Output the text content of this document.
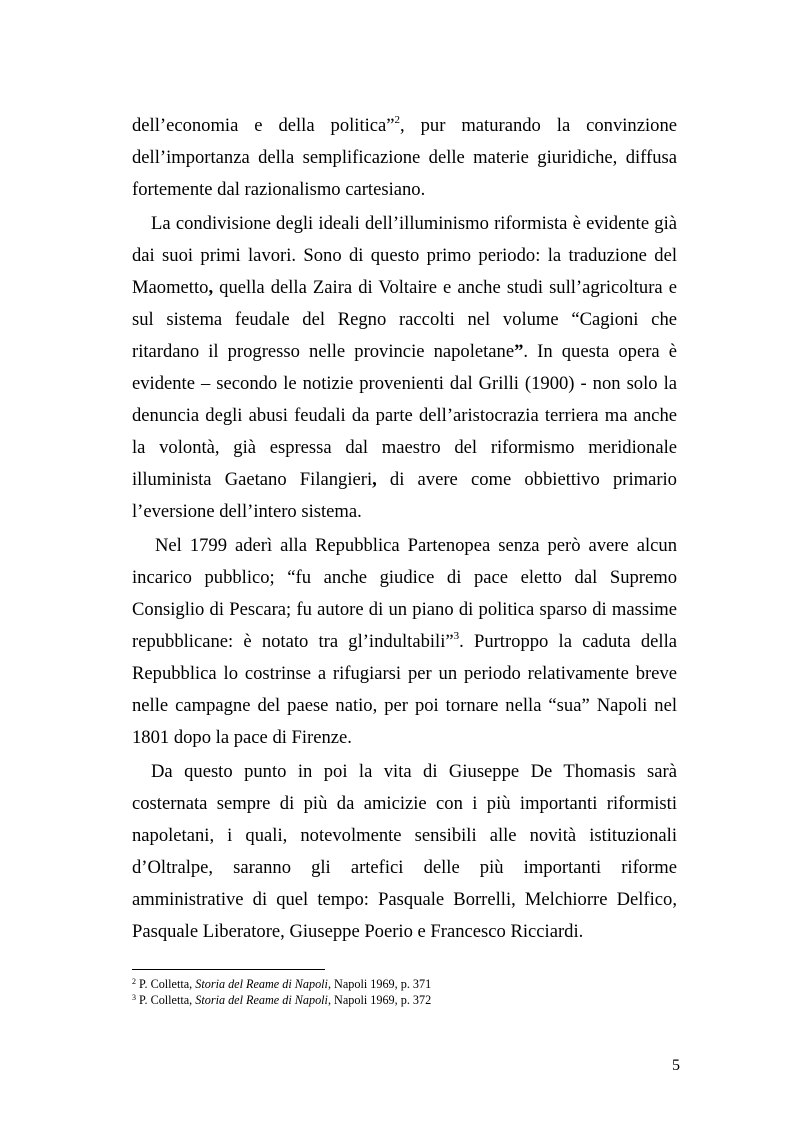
dell’economia e della politica”$^2$, pur maturando la convinzione
dell’importanza della semplificazione delle materie giuridiche, diffusa
fortemente dal razionalismo cartesiano.
La condivisione degli ideali dell’illuminismo riformista è evidente già
dai suoi primi lavori. Sono di questo primo periodo: la traduzione del
Maometto, quella della Zaira di Voltaire e anche studi sull’agricoltura e
sul sistema feudale del Regno raccolti nel volume “Cagioni che
ritardano il progresso nelle provincie napoletane”. In questa opera è
evidente – secondo le notizie provenienti dal Grilli (1900) - non solo la
denuncia degli abusi feudali da parte dell’aristocrazia terriera ma anche
la volontà, già espressa dal maestro del riformismo meridionale
illuminista Gaetano Filangieri, di avere come obbiettivo primario
l’eversione dell’intero sistema.
Nel 1799 aderì alla Repubblica Partenopea senza però avere alcun
incarico pubblico; “fu anche giudice di pace eletto dal Supremo
Consiglio di Pescara; fu autore di un piano di politica sparso di massime
repubblicane: è notato tra gl’indultabili”$^3$. Purtroppo la caduta della
Repubblica lo costrinse a rifugiarsi per un periodo relativamente breve
nelle campagne del paese natio, per poi tornare nella “sua” Napoli nel
1801 dopo la pace di Firenze.
Da questo punto in poi la vita di Giuseppe De Thomasis sarà
costernata sempre di più da amicizie con i più importanti riformisti
napoletani, i quali, notevolmente sensibili alle novità istituzionali
d’Oltralpe, saranno gli artefici delle più importanti riforme
amministrative di quel tempo: Pasquale Borrelli, Melchiorre Delfico,
Pasquale Liberatore, Giuseppe Poerio e Francesco Ricciardi.
$^2$ P. Colletta, Storia del Reame di Napoli, Napoli 1969, p. 371
$^3$ P. Colletta, Storia del Reame di Napoli, Napoli 1969, p. 372
5
